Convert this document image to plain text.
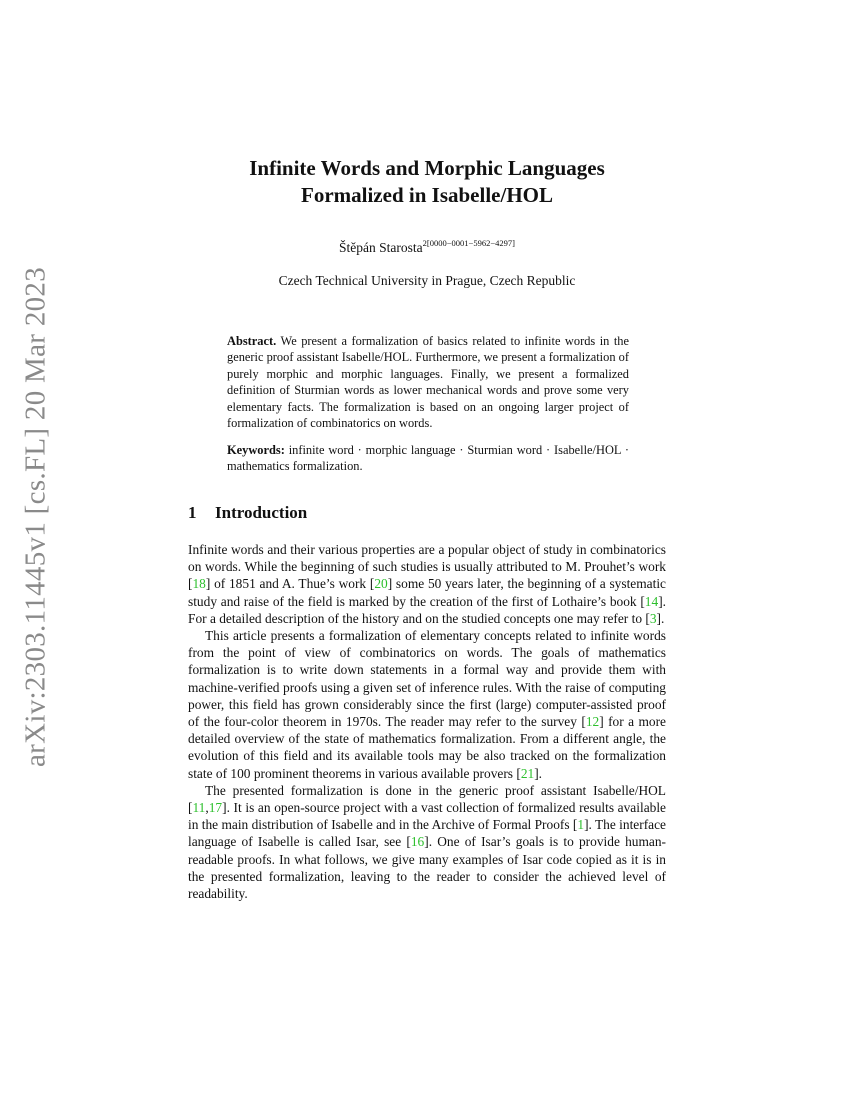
arXiv:2303.11445v1 [cs.FL] 20 Mar 2023
Infinite Words and Morphic Languages
Formalized in Isabelle/HOL
Štěpán Starosta$^{2[0000-0001-5962-4297]}$
Czech Technical University in Prague, Czech Republic
Abstract. We present a formalization of basics related to infinite words in the generic proof assistant Isabelle/HOL. Furthermore, we present a formalization of purely morphic and morphic languages. Finally, we present a formalized definition of Sturmian words as lower mechanical words and prove some very elementary facts. The formalization is based on an ongoing larger project of formalization of combinatorics on words.
Keywords: infinite word · morphic language · Sturmian word · Isabelle/HOL · mathematics formalization.
1 Introduction

Infinite words and their various properties are a popular object of study in combinatorics on words. While the beginning of such studies is usually attributed to M. Prouhet’s work [18] of 1851 and A. Thue’s work [20] some 50 years later, the beginning of a systematic study and raise of the field is marked by the creation of the first of Lothaire’s book [14]. For a detailed description of the history and on the studied concepts one may refer to [3].

This article presents a formalization of elementary concepts related to infinite words from the point of view of combinatorics on words. The goals of mathematics formalization is to write down statements in a formal way and provide them with machine-verified proofs using a given set of inference rules. With the raise of computing power, this field has grown considerably since the first (large) computer-assisted proof of the four-color theorem in 1970s. The reader may refer to the survey [12] for a more detailed overview of the state of mathematics formalization. From a different angle, the evolution of this field and its available tools may be also tracked on the formalization state of 100 prominent theorems in various available provers [21].

The presented formalization is done in the generic proof assistant Isabelle/HOL [11,17]. It is an open-source project with a vast collection of formalized results available in the main distribution of Isabelle and in the Archive of Formal Proofs [1]. The interface language of Isabelle is called Isar, see [16]. One of Isar’s goals is to provide human-readable proofs. In what follows, we give many examples of Isar code copied as it is in the presented formalization, leaving to the reader to consider the achieved level of readability.
